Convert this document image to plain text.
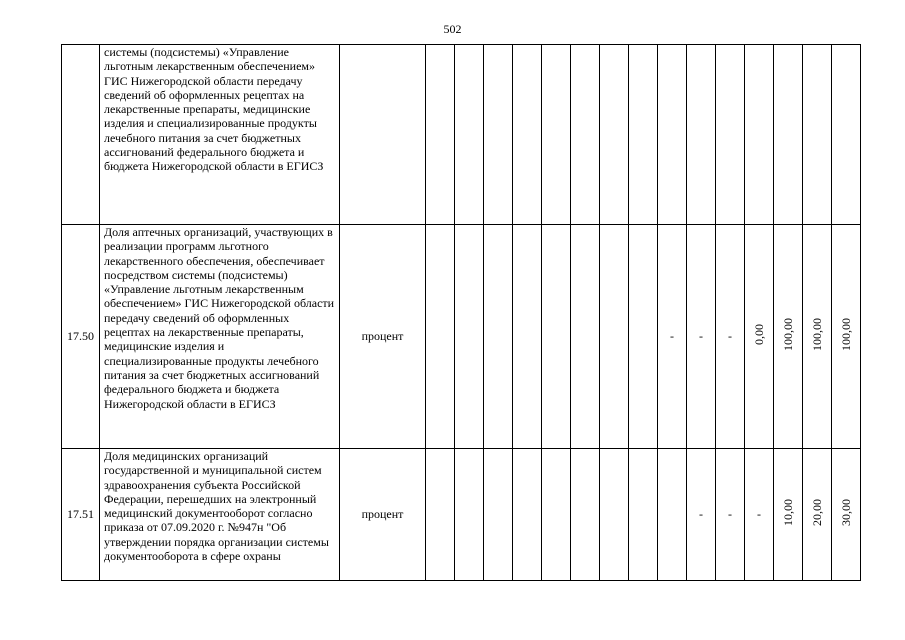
502
	системы (подсистемы) «Управление льготным лекарственным обеспечением» ГИС Нижегородской области передачу сведений об оформленных рецептах на лекарственные препараты, медицинские изделия и специализированные продукты лечебного питания за счет бюджетных ассигнований федерального бюджета и бюджета Нижегородской области в ЕГИСЗ																
17.50	Доля аптечных организаций, участвующих в реализации программ льготного лекарственного обеспечения, обеспечивает посредством системы (подсистемы) «Управление льготным лекарственным обеспечением» ГИС Нижегородской области передачу сведений об оформленных рецептах на лекарственные препараты, медицинские изделия и специализированные продукты лечебного питания за счет бюджетных ассигнований федерального бюджета и бюджета Нижегородской области в ЕГИСЗ	процент									-	-	-	0,00	100,00	100,00	100,00
17.51	Доля медицинских организаций государственной и муниципальной систем здравоохранения субъекта Российской Федерации, перешедших на электронный медицинский документооборот согласно приказа от 07.09.2020 г. №947н "Об утверждении порядка организации системы документооборота в сфере охраны	процент										-	-	-	10,00	20,00	30,00
